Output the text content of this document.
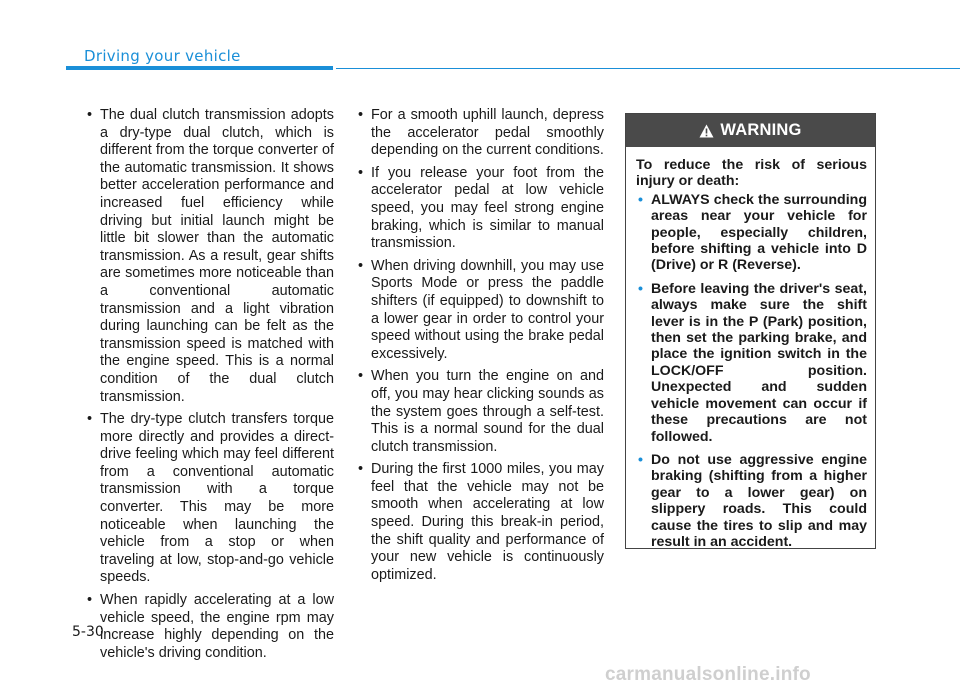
Driving your vehicle
• The dual clutch transmission adopts a dry-type dual clutch, which is different from the torque converter of the automatic transmission. It shows better acceleration performance and increased fuel efficiency while driving but initial launch might be little bit slower than the automatic transmission. As a result, gear shifts are sometimes more noticeable than a conventional automatic transmission and a light vibration during launching can be felt as the transmission speed is matched with the engine speed. This is a normal condition of the dual clutch transmission.
• The dry-type clutch transfers torque more directly and provides a direct-drive feeling which may feel different from a conventional automatic transmission with a torque converter. This may be more noticeable when launching the vehicle from a stop or when traveling at low, stop-and-go vehicle speeds.
• When rapidly accelerating at a low vehicle speed, the engine rpm may increase highly depending on the vehicle's driving condition.
• For a smooth uphill launch, depress the accelerator pedal smoothly depending on the current conditions.
• If you release your foot from the accelerator pedal at low vehicle speed, you may feel strong engine braking, which is similar to manual transmission.
• When driving downhill, you may use Sports Mode or press the paddle shifters (if equipped) to downshift to a lower gear in order to control your speed without using the brake pedal excessively.
• When you turn the engine on and off, you may hear clicking sounds as the system goes through a self-test. This is a normal sound for the dual clutch transmission.
• During the first 1000 miles, you may feel that the vehicle may not be smooth when accelerating at low speed. During this break-in period, the shift quality and performance of your new vehicle is continuously optimized.
WARNING

To reduce the risk of serious injury or death:

• ALWAYS check the surrounding areas near your vehicle for people, especially children, before shifting a vehicle into D (Drive) or R (Reverse).
• Before leaving the driver's seat, always make sure the shift lever is in the P (Park) position, then set the parking brake, and place the ignition switch in the LOCK/OFF position. Unexpected and sudden vehicle movement can occur if these precautions are not followed.
• Do not use aggressive engine braking (shifting from a higher gear to a lower gear) on slippery roads. This could cause the tires to slip and may result in an accident.
5-30
carmanualsonline.info
